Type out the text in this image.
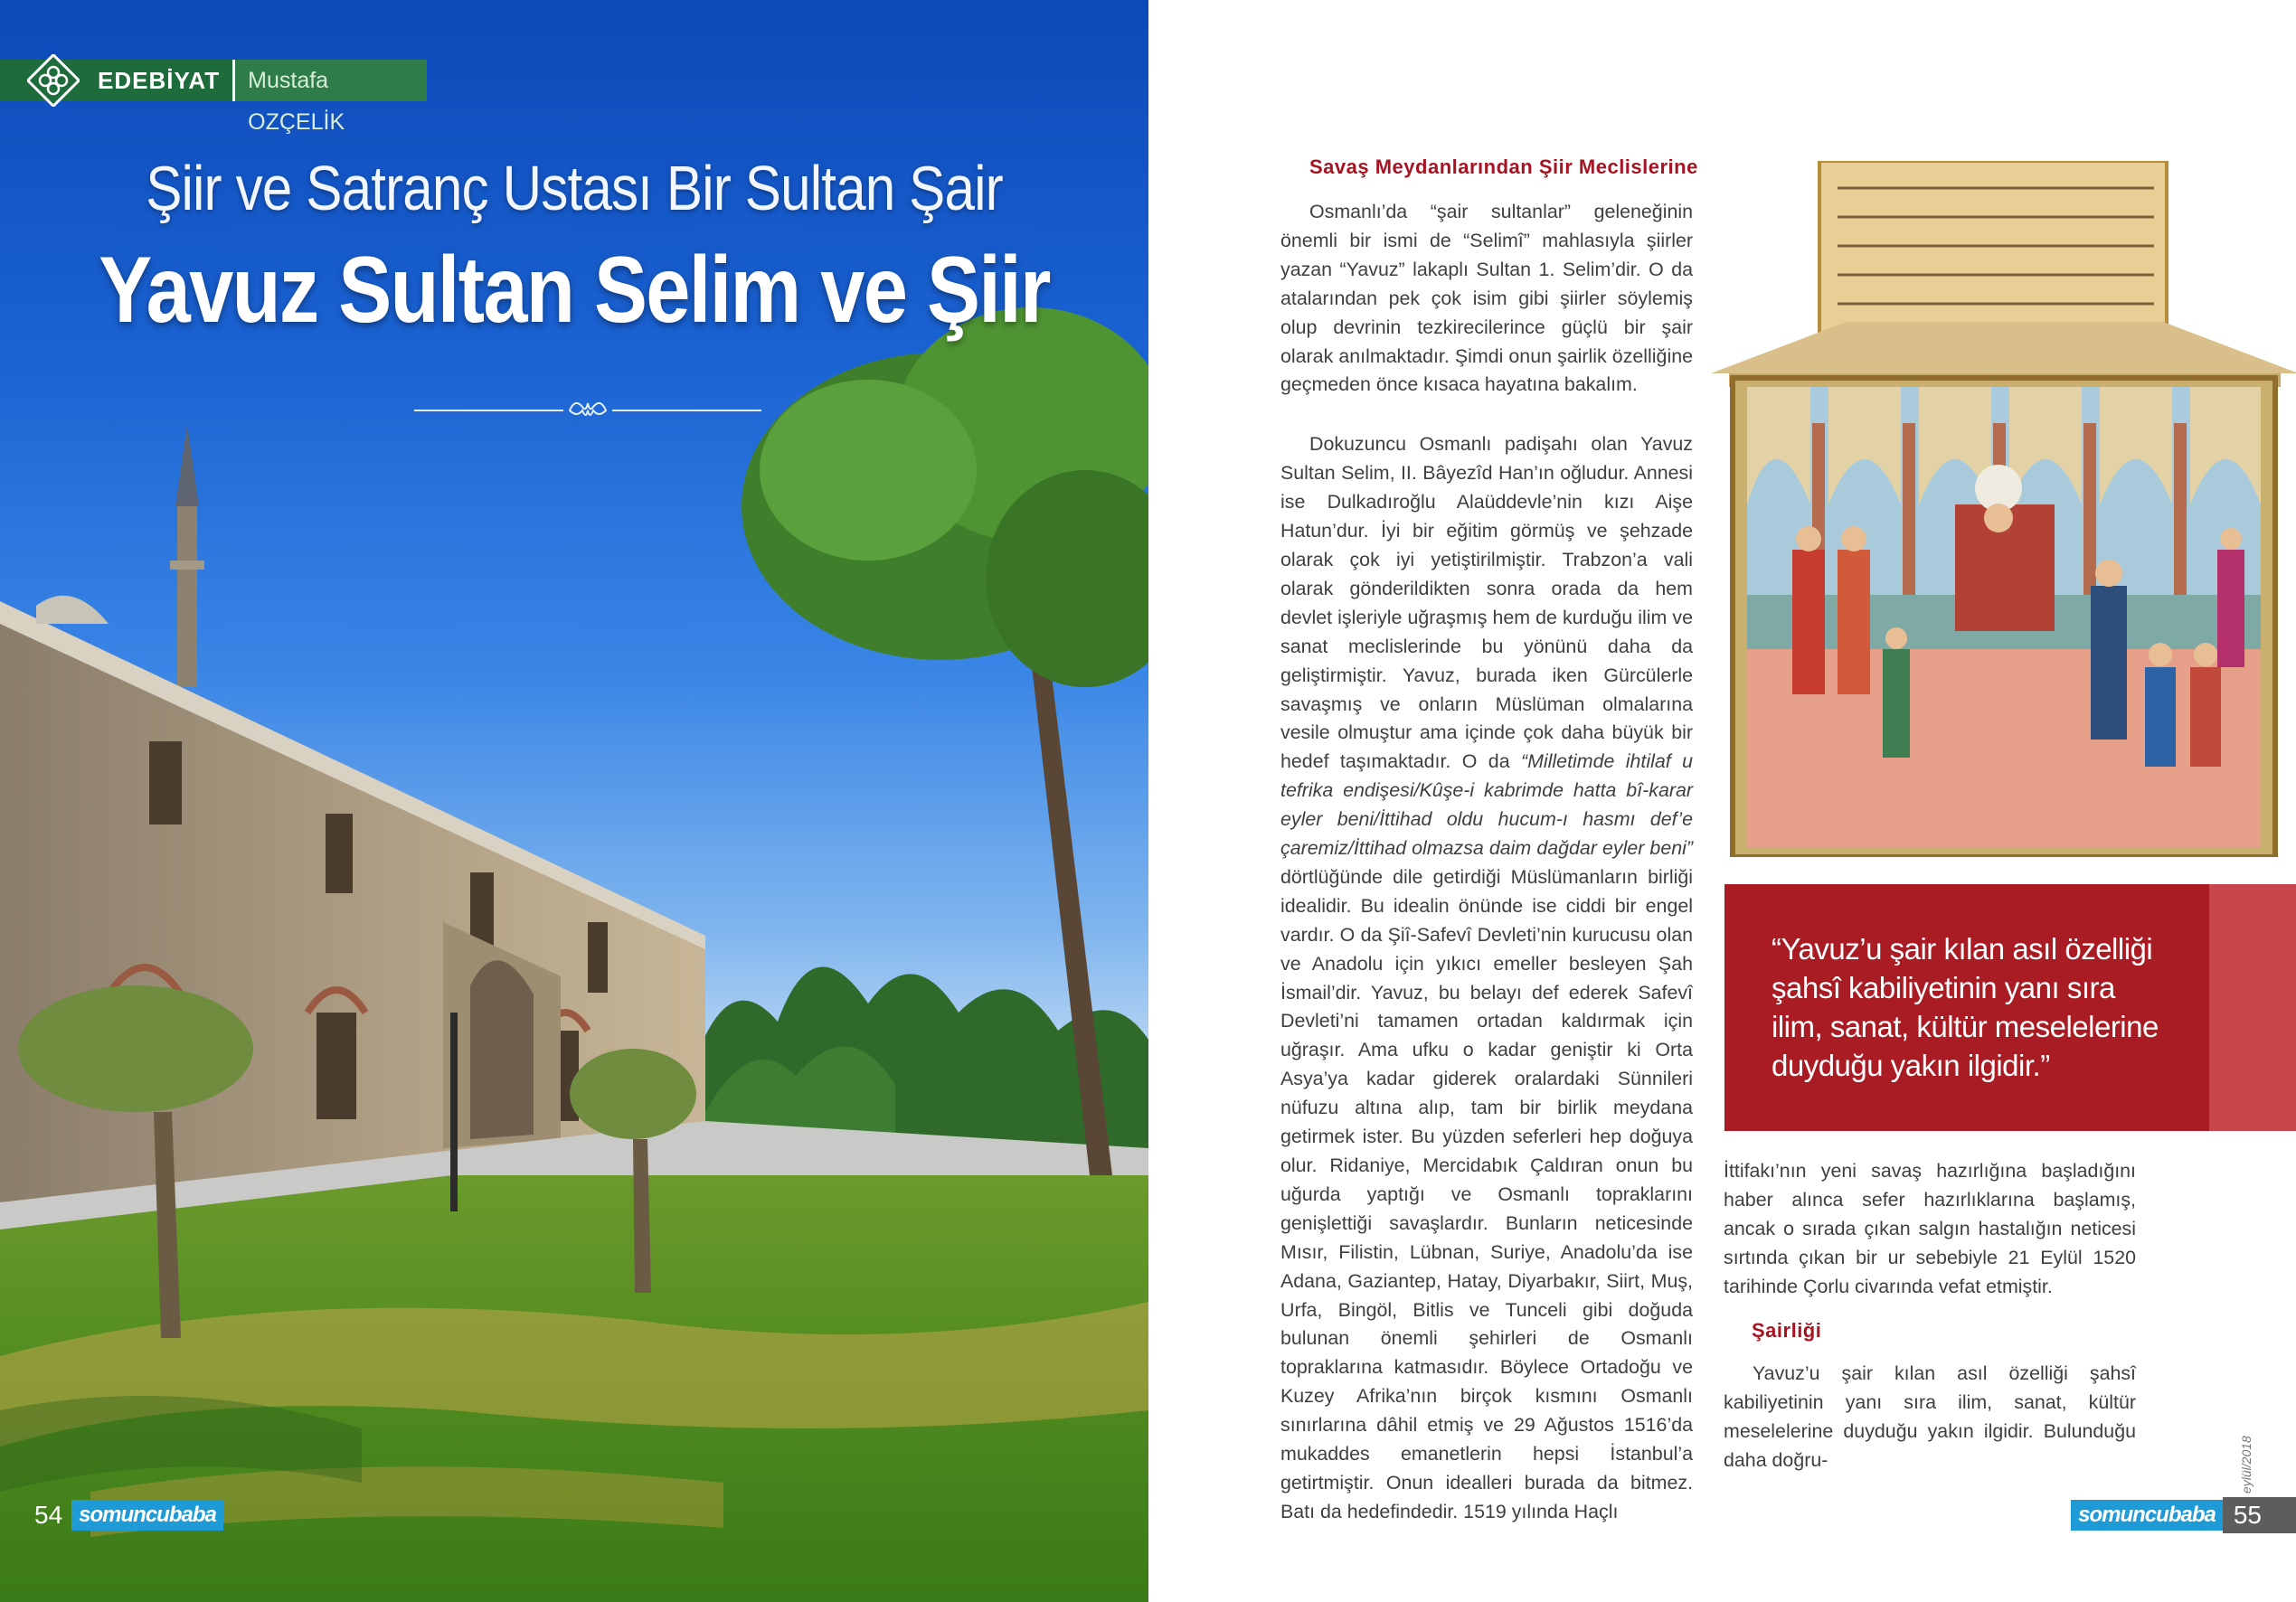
EDEBİYAT	Mustafa OZÇELİK
Şiir ve Satranç Ustası Bir Sultan Şair
Yavuz Sultan Selim ve Şiir
54 somuncubaba
Savaş Meydanlarından Şiir Meclislerine

Osmanlı’da “şair sultanlar” geleneğinin önemli bir ismi de “Selimî” mahlasıyla şiirler yazan “Yavuz” lakaplı Sultan 1. Selim’dir. O da atalarından pek çok isim gibi şiirler söylemiş olup devrinin tezkirecilerince güçlü bir şair olarak anılmaktadır. Şimdi onun şairlik özelliğine geçmeden önce kısaca hayatına bakalım.

Dokuzuncu Osmanlı padişahı olan Yavuz Sultan Selim, II. Bâyezîd Han’ın oğludur. Annesi ise Dulkadıroğlu Alaüddevle’nin kızı Aişe Hatun’dur. İyi bir eğitim görmüş ve şehzade olarak çok iyi yetiştirilmiştir. Trabzon’a vali olarak gönderildikten sonra orada da hem devlet işleriyle uğraşmış hem de kurduğu ilim ve sanat meclislerinde bu yönünü daha da geliştirmiştir. Yavuz, burada iken Gürcülerle savaşmış ve onların Müslüman olmalarına vesile olmuştur ama içinde çok daha büyük bir hedef taşımaktadır. O da “Milletimde ihtilaf u tefrika endişesi/Kûşe-i kabrimde hatta bî-karar eyler beni/İttihad oldu hucum-ı hasmı def’e çaremiz/İttihad olmazsa daim dağdar eyler beni” dörtlüğünde dile getirdiği Müslümanların birliği idealidir. Bu idealin önünde ise ciddi bir engel vardır. O da Şiî-Safevî Devleti’nin kurucusu olan ve Anadolu için yıkıcı emeller besleyen Şah İsmail’dir. Yavuz, bu belayı def ederek Safevî Devleti’ni tamamen ortadan kaldırmak için uğraşır. Ama ufku o kadar geniştir ki Orta Asya’ya kadar giderek oralardaki Sünnileri nüfuzu altına alıp, tam bir birlik meydana getirmek ister. Bu yüzden seferleri hep doğuya olur. Ridaniye, Mercidabık Çaldıran onun bu uğurda yaptığı ve Osmanlı topraklarını genişlettiği savaşlardır. Bunların neticesinde Mısır, Filistin, Lübnan, Suriye, Anadolu’da ise Adana, Gaziantep, Hatay, Diyarbakır, Siirt, Muş, Urfa, Bingöl, Bitlis ve Tunceli gibi doğuda bulunan önemli şehirleri de Osmanlı topraklarına katmasıdır. Böylece Ortadoğu ve Kuzey Afrika’nın birçok kısmını Osmanlı sınırlarına dâhil etmiş ve 29 Ağustos 1516’da mukaddes emanetlerin hepsi İstanbul’a getirtmiştir. Onun idealleri burada da bitmez. Batı da hedefindedir. 1519 yılında Haçlı

“Yavuz’u şair kılan asıl özelliği şahsî kabiliyetinin yanı sıra ilim, sanat, kültür meselelerine duyduğu yakın ilgidir.”

İttifakı’nın yeni savaş hazırlığına başladığını haber alınca sefer hazırlıklarına başlamış, ancak o sırada çıkan salgın hastalığın neticesi sırtında çıkan bir ur sebebiyle 21 Eylül 1520 tarihinde Çorlu civarında vefat etmiştir.

Şairliği

Yavuz’u şair kılan asıl özelliği şahsî kabiliyetinin yanı sıra ilim, sanat, kültür meselelerine duyduğu yakın ilgidir. Bulunduğu daha doğru-	eylül/2018
somuncubaba 55
